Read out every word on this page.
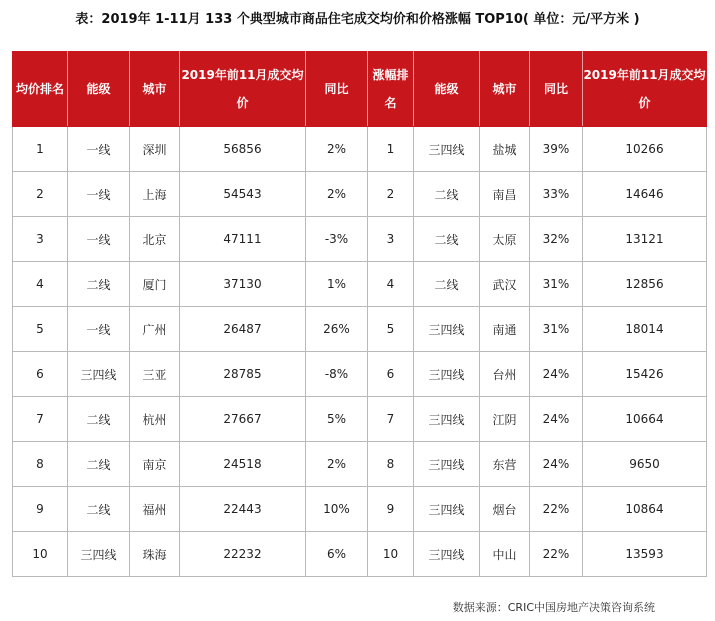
表：2019年 1-11月 133 个典型城市商品住宅成交均价和价格涨幅 TOP10( 单位：元/平方米 )
均价排名	能级	城市	2019年前11月成交均价	同比	涨幅排名	能级	城市	同比	2019年前11月成交均价
1	一线	深圳	56856	2%	1	三四线	盐城	39%	10266
2	一线	上海	54543	2%	2	二线	南昌	33%	14646
3	一线	北京	47111	-3%	3	二线	太原	32%	13121
4	二线	厦门	37130	1%	4	二线	武汉	31%	12856
5	一线	广州	26487	26%	5	三四线	南通	31%	18014
6	三四线	三亚	28785	-8%	6	三四线	台州	24%	15426
7	二线	杭州	27667	5%	7	三四线	江阴	24%	10664
8	二线	南京	24518	2%	8	三四线	东营	24%	9650
9	二线	福州	22443	10%	9	三四线	烟台	22%	10864
10	三四线	珠海	22232	6%	10	三四线	中山	22%	13593
数据来源：CRIC中国房地产决策咨询系统
